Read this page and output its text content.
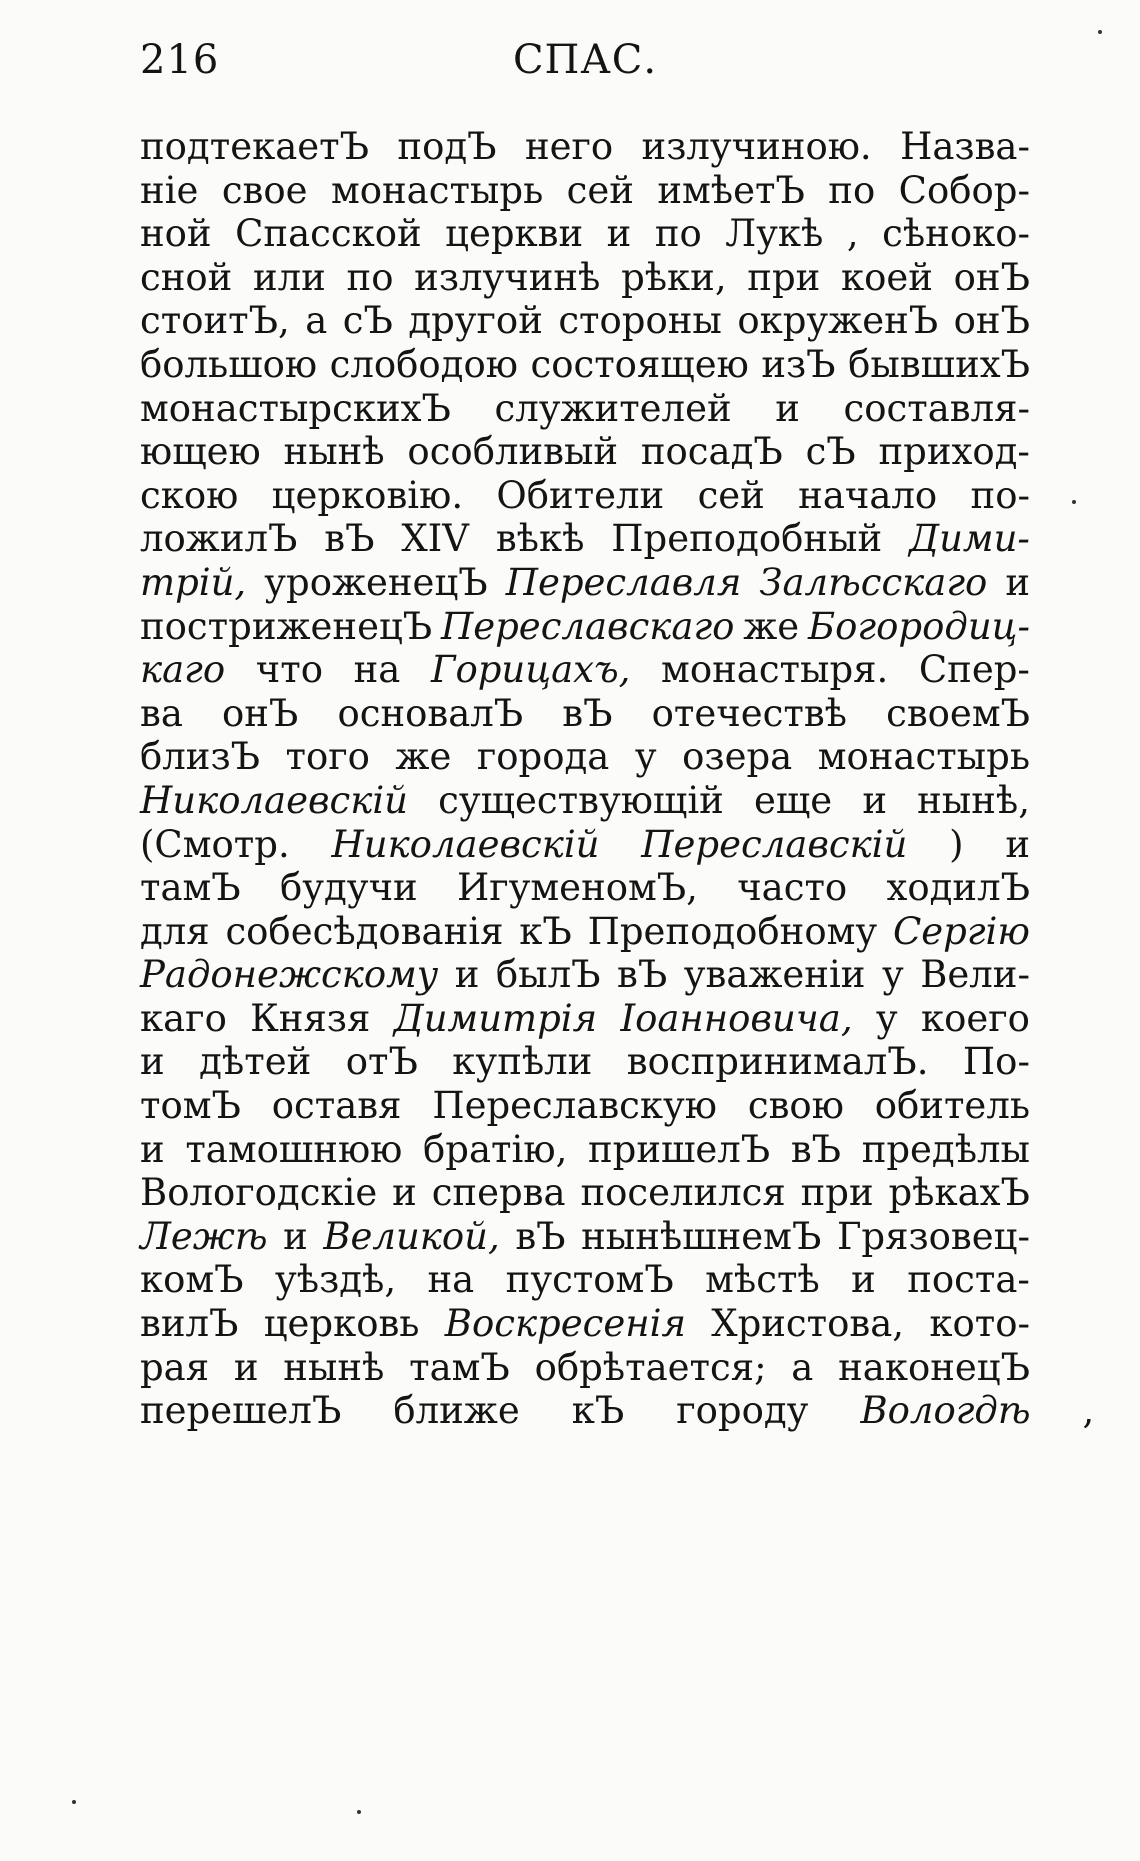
216	СПАС.
подтекаетЪ подЪ него излучиною. Назва-
ніе свое монастырь сей имѣетЪ по Собор-
ной Спасской церкви и по Лукѣ , сѣноко-
сной или по излучинѣ рѣки, при коей онЪ
стоитЪ, а сЪ другой стороны окруженЪ онЪ
большою слободою состоящею изЪ бывшихЪ
монастырскихЪ служителей и составля-
ющею нынѣ особливый посадЪ сЪ приход-
скою церковію. Обители сей начало по-
ложилЪ вЪ XIV вѣкѣ Преподобный Дими-
трій, уроженецЪ Переславля Залѣсскаго и
постриженецЪ Переславскаго же Богородиц-
каго что на Горицахъ, монастыря. Спер-
ва онЪ основалЪ вЪ отечествѣ своемЪ
близЪ того же города у озера монастырь
Николаевскій существующій еще и нынѣ,
(Смотр. Николаевскій Переславскій ) и
тамЪ будучи ИгуменомЪ, часто ходилЪ
для собесѣдованія кЪ Преподобному Сергію
Радонежскому и былЪ вЪ уваженіи у Вели-
каго Князя Димитрія Іоанновича, у коего
и дѣтей отЪ купѣли воспринималЪ. По-
томЪ оставя Переславскую свою обитель
и тамошнюю братію, пришелЪ вЪ предѣлы
Вологодскіе и сперва поселился при рѣкахЪ
Лежѣ и Великой, вЪ нынѣшнемЪ Грязовец-
комЪ уѣздѣ, на пустомЪ мѣстѣ и поста-
вилЪ церковь Воскресенія Христова, кото-
рая и нынѣ тамЪ обрѣтается; а наконецЪ
перешелЪ ближе кЪ городу Вологдѣ ,
